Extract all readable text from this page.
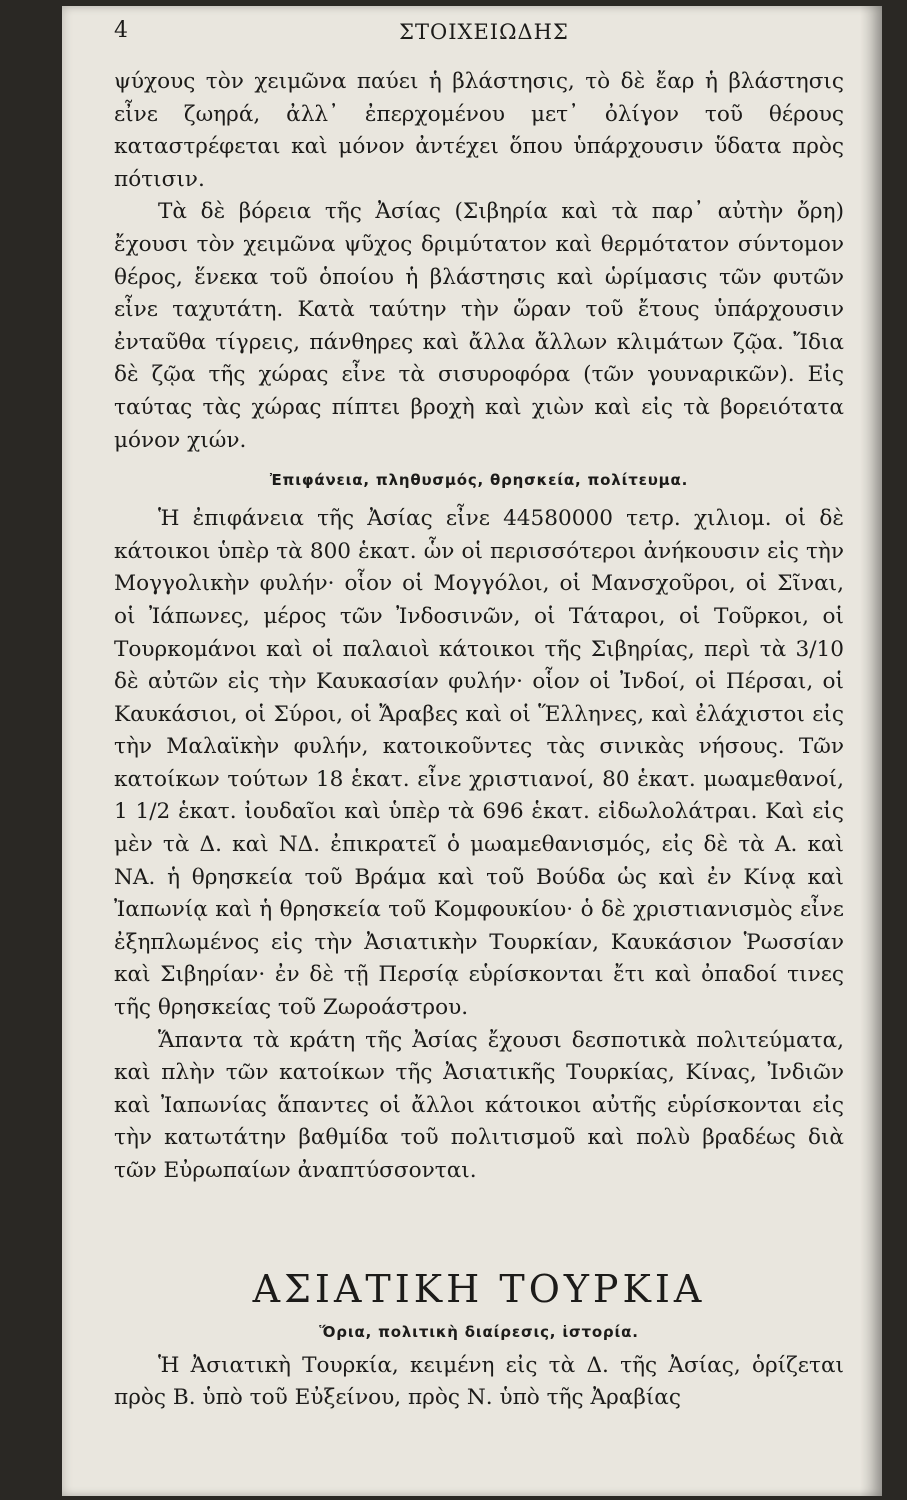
4	ΣΤΟΙΧΕΙΩΔΗΣ

ψύχους τὸν χειμῶνα παύει ἡ βλάστησις, τὸ δὲ ἔαρ ἡ βλάστησις εἶνε ζωηρά, ἀλλ᾽ ἐπερχομένου μετ᾽ ὀλίγον τοῦ θέρους καταστρέφεται καὶ μόνον ἀντέχει ὅπου ὑπάρχουσιν ὕδατα πρὸς πότισιν.

Τὰ δὲ βόρεια τῆς Ἀσίας (Σιβηρία καὶ τὰ παρ᾽ αὐτὴν ὄρη) ἔχουσι τὸν χειμῶνα ψῦχος δριμύτατον καὶ θερμότατον σύντομον θέρος, ἕνεκα τοῦ ὁποίου ἡ βλάστησις καὶ ὡρίμασις τῶν φυτῶν εἶνε ταχυτάτη. Κατὰ ταύτην τὴν ὥραν τοῦ ἔτους ὑπάρχουσιν ἐνταῦθα τίγρεις, πάνθηρες καὶ ἄλλα ἄλλων κλιμάτων ζῷα. Ἴδια δὲ ζῷα τῆς χώρας εἶνε τὰ σισυροφόρα (τῶν γουναρικῶν). Εἰς ταύτας τὰς χώρας πίπτει βροχὴ καὶ χιὼν καὶ εἰς τὰ βορειότατα μόνον χιών.

Ἐπιφάνεια, πληθυσμός, θρησκεία, πολίτευμα.

Ἡ ἐπιφάνεια τῆς Ἀσίας εἶνε 44580000 τετρ. χιλιομ. οἱ δὲ κάτοικοι ὑπὲρ τὰ 800 ἑκατ. ὧν οἱ περισσότεροι ἀνήκουσιν εἰς τὴν Μογγολικὴν φυλήν· οἷον οἱ Μογγόλοι, οἱ Μανσχοῦροι, οἱ Σῖναι, οἱ Ἰάπωνες, μέρος τῶν Ἰνδοσινῶν, οἱ Τάταροι, οἱ Τοῦρκοι, οἱ Τουρκομάνοι καὶ οἱ παλαιοὶ κάτοικοι τῆς Σιβηρίας, περὶ τὰ 3/10 δὲ αὐτῶν εἰς τὴν Καυκασίαν φυλήν· οἷον οἱ Ἰνδοί, οἱ Πέρσαι, οἱ Καυκάσιοι, οἱ Σύροι, οἱ Ἄραβες καὶ οἱ Ἕλληνες, καὶ ἐλάχιστοι εἰς τὴν Μαλαϊκὴν φυλήν, κατοικοῦντες τὰς σινικὰς νήσους. Τῶν κατοίκων τούτων 18 ἑκατ. εἶνε χριστιανοί, 80 ἑκατ. μωαμεθανοί, 1 1/2 ἑκατ. ἰουδαῖοι καὶ ὑπὲρ τὰ 696 ἑκατ. εἰδωλολάτραι. Καὶ εἰς μὲν τὰ Δ. καὶ ΝΔ. ἐπικρατεῖ ὁ μωαμεθανισμός, εἰς δὲ τὰ Α. καὶ ΝΑ. ἡ θρησκεία τοῦ Βράμα καὶ τοῦ Βούδα ὡς καὶ ἐν Κίνᾳ καὶ Ἰαπωνίᾳ καὶ ἡ θρησκεία τοῦ Κομφουκίου· ὁ δὲ χριστιανισμὸς εἶνε ἐξηπλωμένος εἰς τὴν Ἀσιατικὴν Τουρκίαν, Καυκάσιον Ῥωσσίαν καὶ Σιβηρίαν· ἐν δὲ τῇ Περσίᾳ εὑρίσκονται ἔτι καὶ ὀπαδοί τινες τῆς θρησκείας τοῦ Ζωροάστρου.

Ἅπαντα τὰ κράτη τῆς Ἀσίας ἔχουσι δεσποτικὰ πολιτεύματα, καὶ πλὴν τῶν κατοίκων τῆς Ἀσιατικῆς Τουρκίας, Κίνας, Ἰνδιῶν καὶ Ἰαπωνίας ἅπαντες οἱ ἄλλοι κάτοικοι αὐτῆς εὑρίσκονται εἰς τὴν κατωτάτην βαθμίδα τοῦ πολιτισμοῦ καὶ πολὺ βραδέως διὰ τῶν Εὐρωπαίων ἀναπτύσσονται.

ΑΣΙΑΤΙΚΗ ΤΟΥΡΚΙΑ
Ὅρια, πολιτικὴ διαίρεσις, ἱστορία.

Ἡ Ἀσιατικὴ Τουρκία, κειμένη εἰς τὰ Δ. τῆς Ἀσίας, ὁρίζεται πρὸς Β. ὑπὸ τοῦ Εὐξείνου, πρὸς Ν. ὑπὸ τῆς Ἀραβίας
